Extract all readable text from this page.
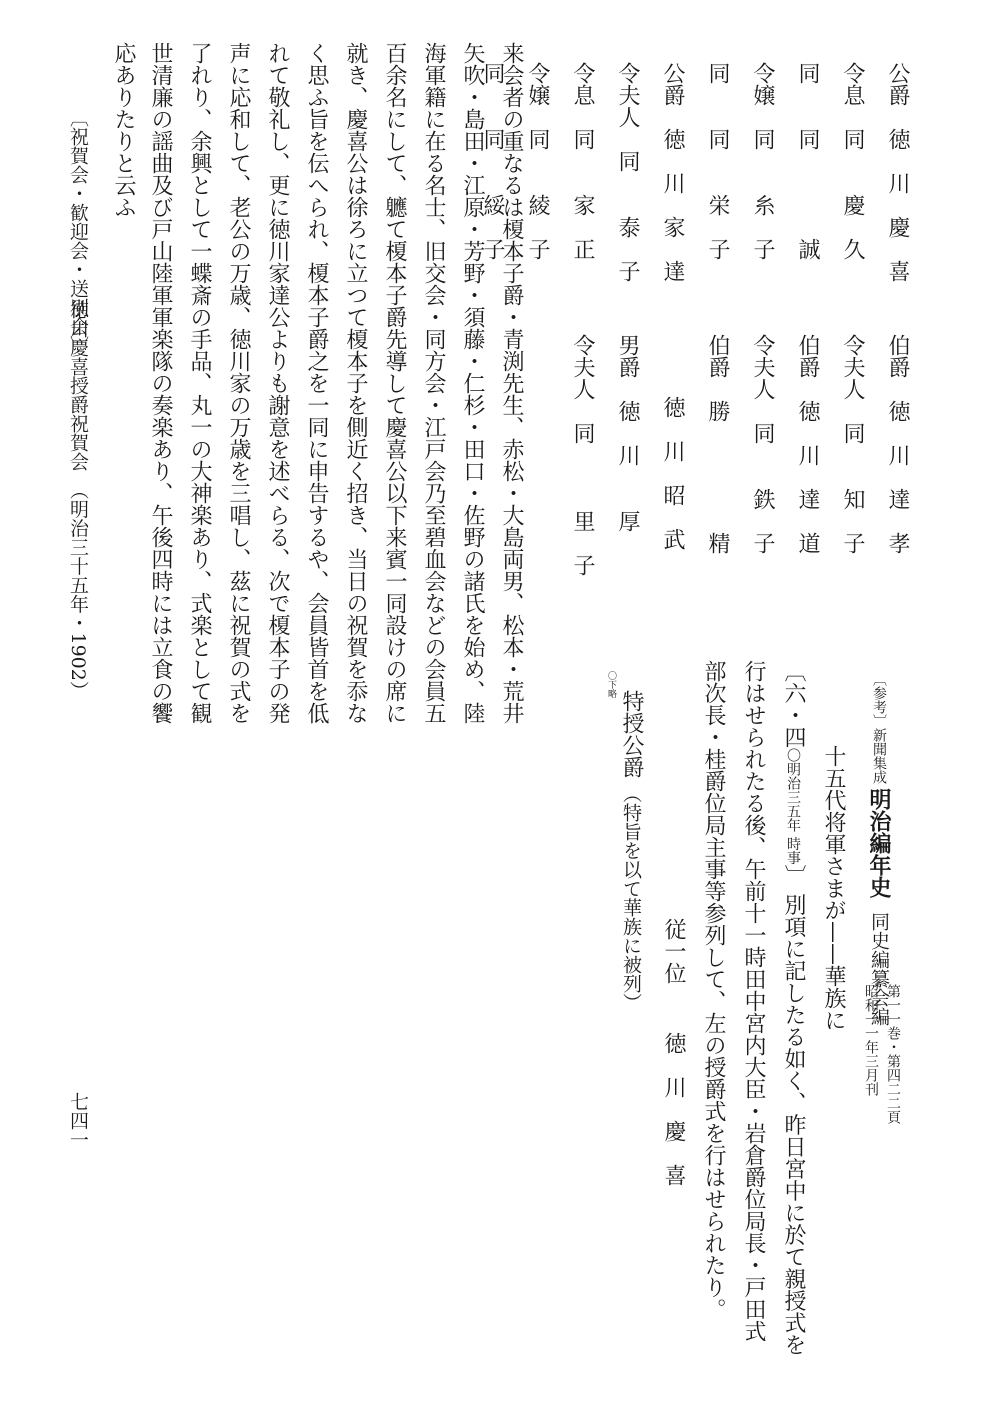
公爵　徳　川　慶　喜
伯爵　徳　川　達　孝
令息　同　　慶　久
令夫人　同　　知　子
同　　同　　　　誠
伯爵　徳　川　達　道
令嬢　同　　糸　子
令夫人　同　　鉄　子
同　　同　　栄　子
伯爵　勝　　　　　精
公爵　徳　川　家　達
徳　川　昭　武
令夫人　同　　泰　子
男爵　徳　川　　厚
令息　同　　家　正
令夫人　同　　　里　子
令嬢　同　　綾　子
同　　同　　綏　子
来会者の重なるは榎本子爵・青渕先生、赤松・大島両男、松本・荒井
矢吹・島田・江原・芳野・須藤・仁杉・田口・佐野の諸氏を始め、陸
海軍籍に在る名士、旧交会・同方会・江戸会乃至碧血会などの会員五
百余名にして、軈て榎本子爵先導して慶喜公以下来賓一同設けの席に
就き、慶喜公は徐ろに立つて榎本子を側近く招き、当日の祝賀を忝な
く思ふ旨を伝へられ、榎本子爵之を一同に申告するや、会員皆首を低
れて敬礼し、更に徳川家達公よりも謝意を述べらる、次で榎本子の発
声に応和して、老公の万歳、徳川家の万歳を三唱し、茲に祝賀の式を
了れり、余興として一蝶斎の手品、丸一の大神楽あり、式楽として観
世清廉の謡曲及び戸山陸軍軍楽隊の奏楽あり、午後四時には立食の饗
応ありたりと云ふ
〔参考〕新聞集成明治編年史同史編纂会編
第一一巻・第四二二頁
昭和一一年三月刊
十五代将軍さまが——華族に
〔六・四〇明治三五年 時事〕 別項に記したる如く、昨日宮中に於て親授式を
行はせられたる後、午前十一時田中宮内大臣・岩倉爵位局長・戸田式
部次長・桂爵位局主事等参列して、左の授爵式を行はせられたり。
従一位
徳　川　慶　喜
特授公爵（特旨を以て華族に被列）
〇下略
〔祝賀会・歓迎会・送別会〕
徳川慶喜授爵祝賀会　（明治三十五年・1902）
七四一
